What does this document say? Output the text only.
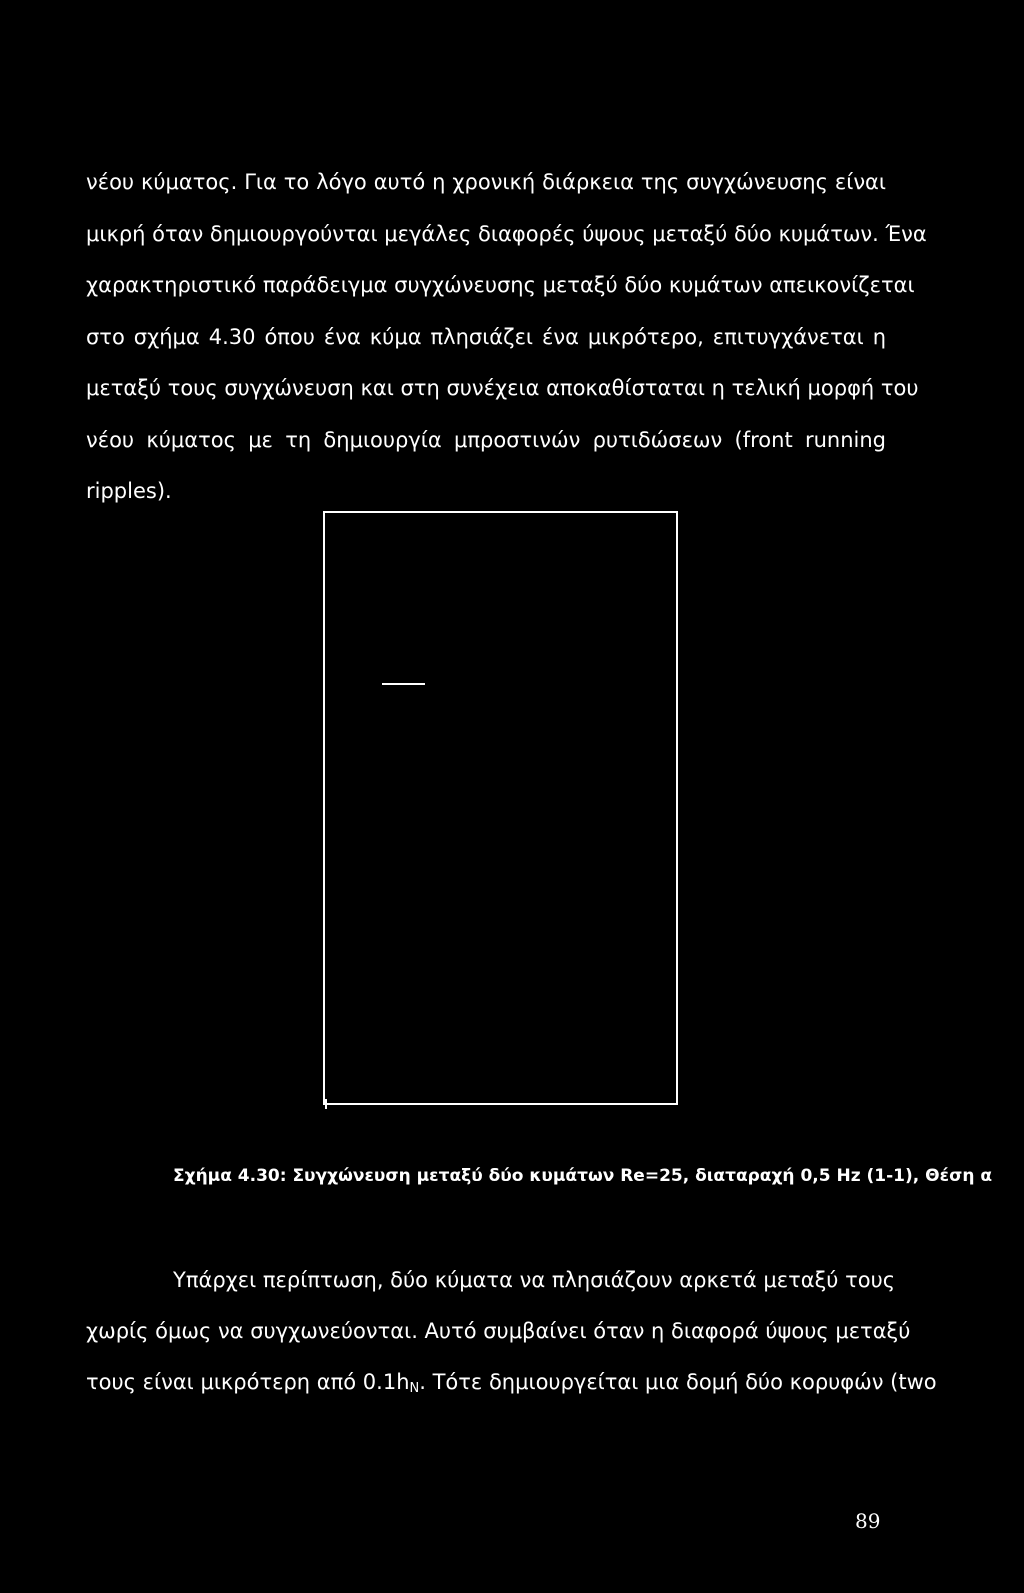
νέου κύματος. Για το λόγο αυτό η χρονική διάρκεια της συγχώνευσης είναι
μικρή όταν δημιουργούνται μεγάλες διαφορές ύψους μεταξύ δύο κυμάτων. Ένα
χαρακτηριστικό παράδειγμα συγχώνευσης μεταξύ δύο κυμάτων απεικονίζεται
στο σχήμα 4.30 όπου ένα κύμα πλησιάζει ένα μικρότερο, επιτυγχάνεται η
μεταξύ τους συγχώνευση και στη συνέχεια αποκαθίσταται η τελική μορφή του
νέου κύματος με τη δημιουργία μπροστινών ρυτιδώσεων (front running
ripples).
Σχήμα 4.30: Συγχώνευση μεταξύ δύο κυμάτων Re=25, διαταραχή 0,5 Hz (1-1), Θέση α
Υπάρχει περίπτωση, δύο κύματα να πλησιάζουν αρκετά μεταξύ τους
χωρίς όμως να συγχωνεύονται. Αυτό συμβαίνει όταν η διαφορά ύψους μεταξύ
τους είναι μικρότερη από $0.1h_N$. Τότε δημιουργείται μια δομή δύο κορυφών (two
89
